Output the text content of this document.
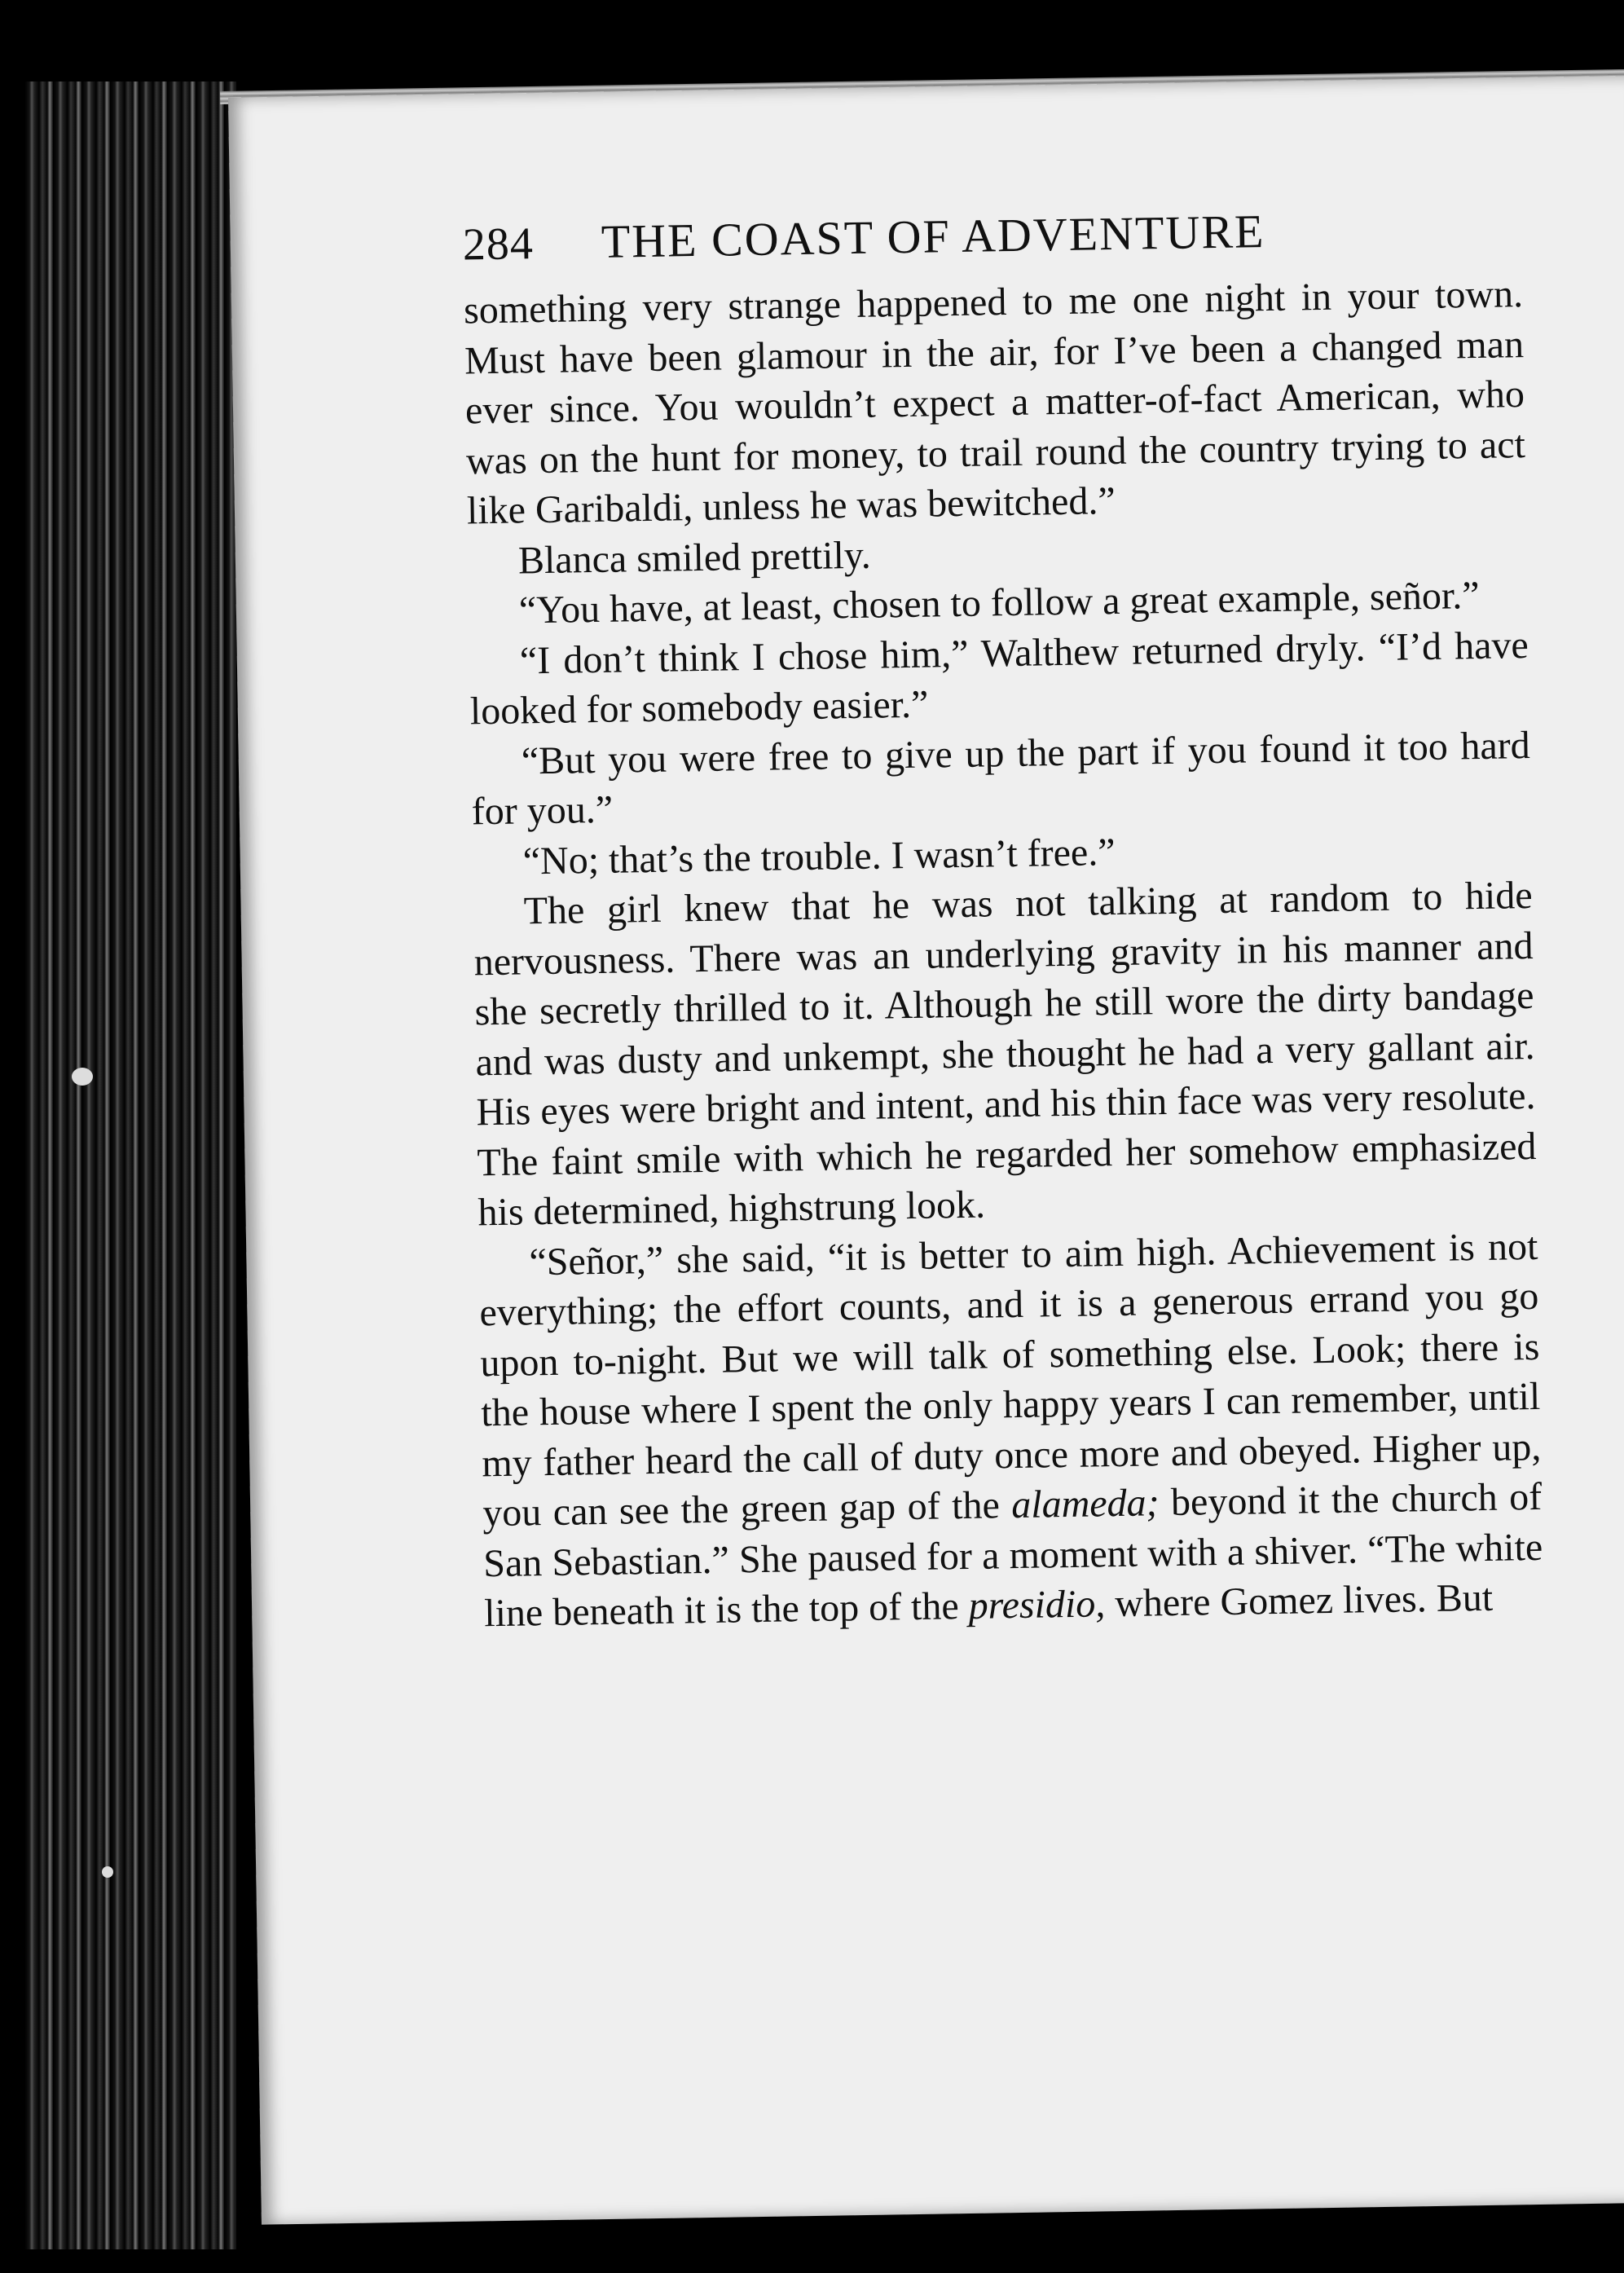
284	THE COAST OF ADVENTURE

something very strange happened to me one night in your town. Must have been glamour in the air, for I’ve been a changed man ever since. You wouldn’t expect a matter-of-fact American, who was on the hunt for money, to trail round the country trying to act like Garibaldi, unless he was bewitched.”

Blanca smiled prettily.

“You have, at least, chosen to follow a great example, señor.”

“I don’t think I chose him,” Walthew returned dryly. “I’d have looked for somebody easier.”

“But you were free to give up the part if you found it too hard for you.”

“No; that’s the trouble. I wasn’t free.”

The girl knew that he was not talking at random to hide nervousness. There was an underlying gravity in his manner and she secretly thrilled to it. Although he still wore the dirty bandage and was dusty and unkempt, she thought he had a very gallant air. His eyes were bright and intent, and his thin face was very resolute. The faint smile with which he regarded her somehow emphasized his determined, highstrung look.

“Señor,” she said, “it is better to aim high. Achievement is not everything; the effort counts, and it is a generous errand you go upon to-night. But we will talk of something else. Look; there is the house where I spent the only happy years I can remember, until my father heard the call of duty once more and obeyed. Higher up, you can see the green gap of the alameda; beyond it the church of San Sebastian.” She paused for a moment with a shiver. “The white line beneath it is the top of the presidio, where Gomez lives. But
